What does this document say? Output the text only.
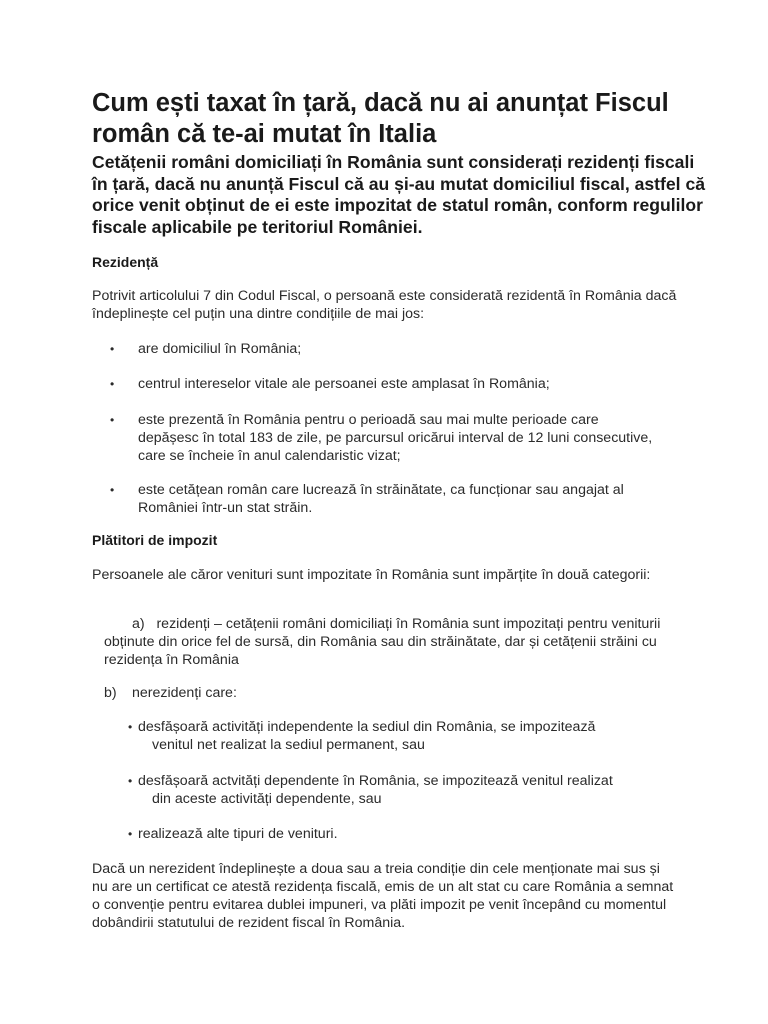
Cum ești taxat în țară, dacă nu ai anunțat Fiscul român că te-ai mutat în Italia

Cetățenii români domiciliați în România sunt considerați rezidenți fiscali în țară, dacă nu anunță Fiscul că au și-au mutat domiciliul fiscal, astfel că orice venit obținut de ei este impozitat de statul român, conform regulilor fiscale aplicabile pe teritoriul României.

Rezidență

Potrivit articolului 7 din Codul Fiscal, o persoană este considerată rezidentă în România dacă îndeplinește cel puțin una dintre condițiile de mai jos:

•	are domiciliul în România;
•	centrul intereselor vitale ale persoanei este amplasat în România;
•	este prezentă în România pentru o perioadă sau mai multe perioade care depășesc în total 183 de zile, pe parcursul oricărui interval de 12 luni consecutive, care se încheie în anul calendaristic vizat;
•	este cetățean român care lucrează în străinătate, ca funcționar sau angajat al României într-un stat străin.
Plătitori de impozit

Persoanele ale căror venituri sunt impozitate în România sunt impărțite în două categorii:

a) rezidenți – cetățenii români domiciliați în România sunt impozitați pentru veniturii obținute din orice fel de sursă, din România sau din străinătate, dar și cetățenii străini cu rezidența în România
b)	nerezidenți care:
• desfășoară activități independente la sediul din România, se impozitează
venitul net realizat la sediul permanent, sau
• desfășoară actvități dependente în România, se impozitează venitul realizat
din aceste activități dependente, sau
• realizează alte tipuri de venituri.

Dacă un nerezident îndeplinește a doua sau a treia condiție din cele menționate mai sus și nu are un certificat ce atestă rezidența fiscală, emis de un alt stat cu care România a semnat o convenție pentru evitarea dublei impuneri, va plăti impozit pe venit începând cu momentul dobândirii statutului de rezident fiscal în România.
